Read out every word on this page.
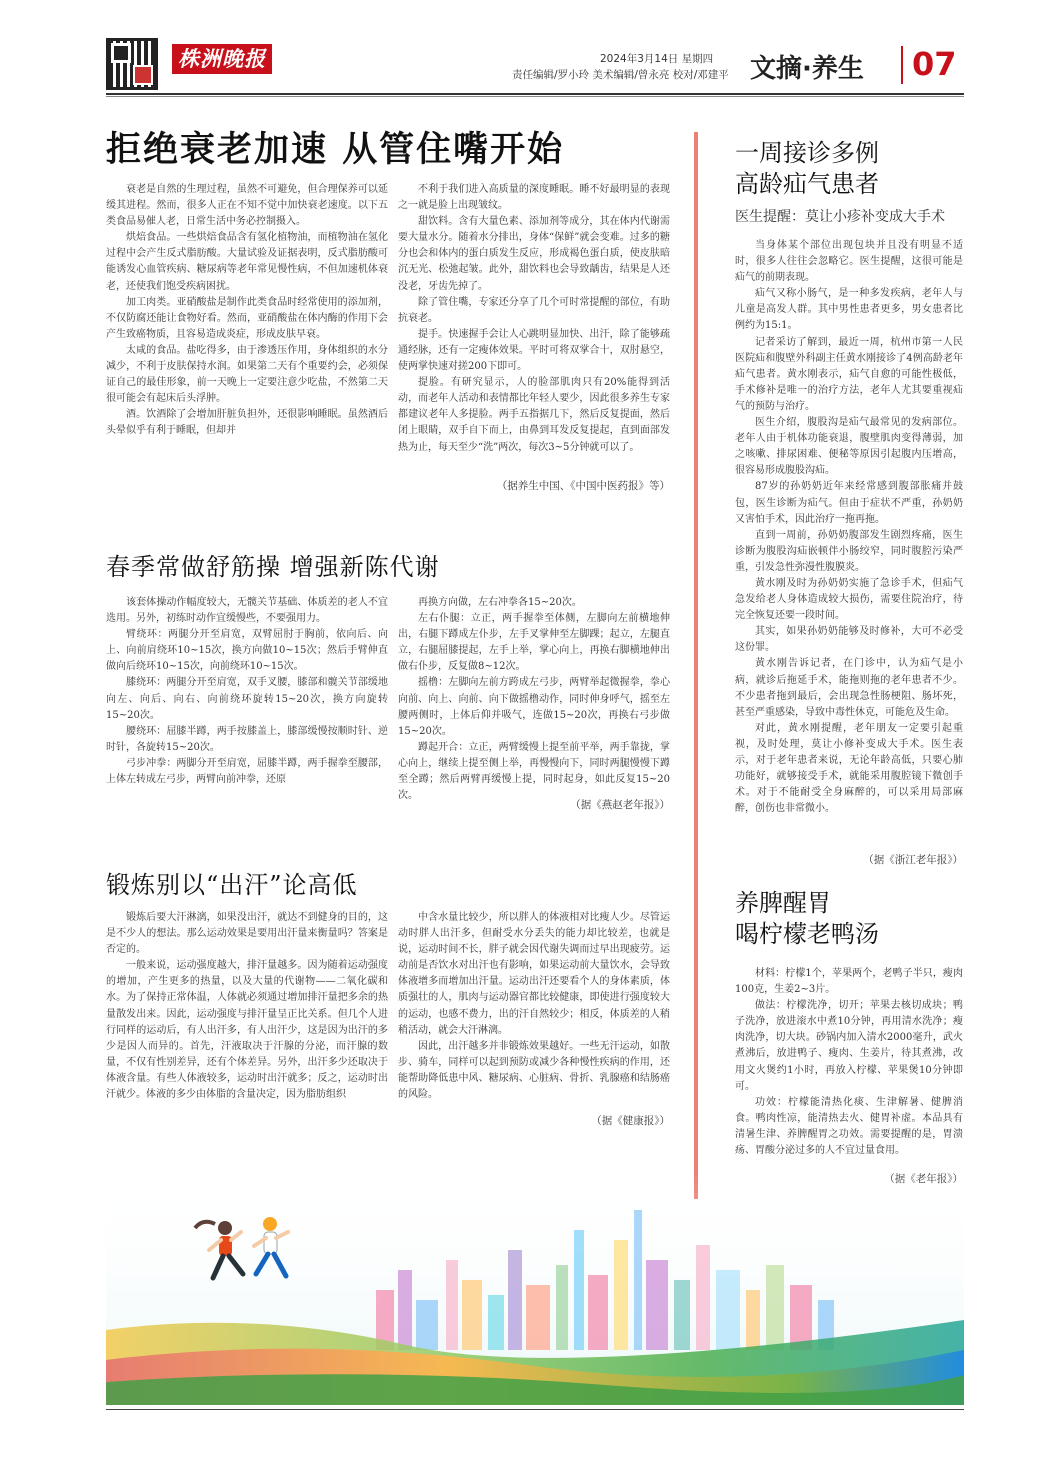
株洲晚报	2024年3月14日 星期四
责任编辑/罗小玲 美术编辑/曾永亮 校对/邓建平 文摘·养生 07
拒绝衰老加速 从管住嘴开始

衰老是自然的生理过程，虽然不可避免，但合理保养可以延缓其进程。然而，很多人正在不知不觉中加快衰老速度。以下五类食品易催人老，日常生活中务必控制摄入。

烘焙食品。一些烘焙食品含有氢化植物油，而植物油在氢化过程中会产生反式脂肪酸。大量试验及证据表明，反式脂肪酸可能诱发心血管疾病、糖尿病等老年常见慢性病，不但加速机体衰老，还使我们饱受疾病困扰。

加工肉类。亚硝酸盐是制作此类食品时经常使用的添加剂，不仅防腐还能让食物好看。然而，亚硝酸盐在体内酶的作用下会产生致癌物质，且容易造成炎症，形成皮肤早衰。

太咸的食品。盐吃得多，由于渗透压作用，身体组织的水分减少，不利于皮肤保持水润。如果第二天有个重要约会，必须保证自己的最佳形象，前一天晚上一定要注意少吃盐，不然第二天很可能会有起床后头浮肿。

酒。饮酒除了会增加肝脏负担外，还很影响睡眠。虽然酒后头晕似乎有利于睡眠，但却并

不利于我们进入高质量的深度睡眠。睡不好最明显的表现之一就是脸上出现皱纹。

甜饮料。含有大量色素、添加剂等成分，其在体内代谢需要大量水分。随着水分排出，身体“保鲜”就会变难。过多的糖分也会和体内的蛋白质发生反应，形成褐色蛋白质，使皮肤暗沉无光、松弛起皱。此外，甜饮料也会导致龋齿，结果是人还没老，牙齿先掉了。

除了管住嘴，专家还分享了几个可时常提醒的部位，有助抗衰老。

提手。快速握手会让人心跳明显加快、出汗，除了能够疏通经脉，还有一定瘦体效果。平时可将双掌合十，双肘悬空，使两掌快速对搓200下即可。

提脸。有研究显示，人的脸部肌肉只有20%能得到活动，而老年人活动和表情都比年轻人要少，因此很多养生专家都建议老年人多提脸。两手五指据几下，然后反复提面，然后闭上眼睛，双手自下而上，由鼻到耳发反复提起，直到面部发热为止，每天至少“洗”两次，每次3~5分钟就可以了。

（据养生中国、《中国中医药报》等）
春季常做舒筋操 增强新陈代谢

该套体操动作幅度较大，无髋关节基础、体质差的老人不宜选用。另外，初练时动作宜缓慢些，不要强用力。

臂绕环：两腿分开至肩宽，双臂屈肘于胸前，依向后、向上、向前肩绕环10~15次，换方向做10~15次；然后手臂伸直做向后绕环10~15次，向前绕环10~15次。

膝绕环：两腿分开至肩宽，双手叉腰，膝部和髋关节部缓地向左、向后、向右、向前绕环旋转15~20次，换方向旋转15~20次。

腰绕环：屈膝半蹲，两手按膝盖上，膝部缓慢按顺时针、逆时针，各旋转15~20次。

弓步冲拳：两脚分开至肩宽，屈膝半蹲，两手握拳至腰部，上体左转成左弓步，两臂向前冲拳，还原

再换方向做，左右冲拳各15~20次。

左右仆腿：立正，两手握拳至体侧，左脚向左前横地伸出，右腿下蹲成左仆步，左手叉掌伸至左脚踝；起立，左腿直立，右腿屈膝提起，左手上举，掌心向上，再换右脚横地伸出做右仆步，反复做8~12次。

摇橹：左脚向左前方跨成左弓步，两臂举起微握拳，拳心向前、向上、向前、向下做摇橹动作，同时伸身呼气，摇至左腰两侧时，上体后仰并吸气，连做15~20次，再换右弓步做15~20次。

蹲起开合：立正，两臂缓慢上提至前平举，两手靠拢，掌心向上，继续上提至侧上举，再慢慢向下，同时两腿慢慢下蹲至全蹲；然后两臂再缓慢上提，同时起身，如此反复15~20次。

（据《燕赵老年报》）
锻炼别以“出汗”论高低

锻炼后要大汗淋漓，如果没出汗，就达不到健身的目的，这是不少人的想法。那么运动效果是要用出汗量来衡量吗？答案是否定的。

一般来说，运动强度越大，排汗量越多。因为随着运动强度的增加，产生更多的热量，以及大量的代谢物——二氧化碳和水。为了保持正常体温，人体就必须通过增加排汗量把多余的热量散发出来。因此，运动强度与排汗量呈正比关系。但几个人进行同样的运动后，有人出汗多，有人出汗少，这是因为出汗的多少是因人而异的。首先，汗液取决于汗腺的分泌，而汗腺的数量，不仅有性别差异，还有个体差异。另外，出汗多少还取决于体液含量。有些人体液较多，运动时出汗就多；反之，运动时出汗就少。体液的多少由体脂的含量决定，因为脂肪组织

中含水量比较少，所以胖人的体液相对比瘦人少。尽管运动时胖人出汗多，但耐受水分丢失的能力却比较差，也就是说，运动时间不长，胖子就会因代谢失调而过早出现疲劳。运动前是否饮水对出汗也有影响，如果运动前大量饮水，会导致体液增多而增加出汗量。运动出汗还要看个人的身体素质，体质强壮的人，肌肉与运动器官都比较健康，即使进行强度较大的运动，也感不费力，出的汗自然较少；相反，体质差的人稍稍活动，就会大汗淋漓。

因此，出汗越多并非锻炼效果越好。一些无汗运动，如散步、骑车，同样可以起到预防或减少各种慢性疾病的作用，还能帮助降低患中风、糖尿病、心脏病、骨折、乳腺癌和结肠癌的风险。

（据《健康报》）
一周接诊多例
高龄疝气患者
医生提醒：莫让小疹补变成大手术

当身体某个部位出现包块并且没有明显不适时，很多人往往会忽略它。医生提醒，这很可能是疝气的前期表现。

疝气又称小肠气，是一种多发疾病，老年人与儿童是高发人群。其中男性患者更多，男女患者比例约为15:1。

记者采访了解到，最近一周，杭州市第一人民医院疝和腹壁外科副主任黄水刚接诊了4例高龄老年疝气患者。黄水刚表示，疝气自愈的可能性极低，手术修补是唯一的治疗方法，老年人尤其要重视疝气的预防与治疗。

医生介绍，腹股沟是疝气最常见的发病部位。老年人由于机体功能衰退，腹壁肌肉变得薄弱，加之咳嗽、排尿困难、便秘等原因引起腹内压增高，很容易形成腹股沟疝。

87岁的孙奶奶近年来经常感到腹部胀痛并鼓包，医生诊断为疝气。但由于症状不严重，孙奶奶又害怕手术，因此治疗一拖再拖。

直到一周前，孙奶奶腹部发生剧烈疼痛，医生诊断为腹股沟疝嵌顿伴小肠绞窄，同时腹腔污染严重，引发急性弥漫性腹膜炎。

黄水刚及时为孙奶奶实施了急诊手术，但疝气急发给老人身体造成较大损伤，需要住院治疗，待完全恢复还要一段时间。

其实，如果孙奶奶能够及时修补，大可不必受这份罪。

黄水刚告诉记者，在门诊中，认为疝气是小病，就诊后拖延手术，能拖则拖的老年患者不少。不少患者拖到最后，会出现急性肠梗阻、肠坏死，甚至严重感染，导致中毒性休克，可能危及生命。

对此，黄水刚提醒，老年朋友一定要引起重视，及时处理，莫让小修补变成大手术。医生表示，对于老年患者来说，无论年龄高低，只要心肺功能好，就够接受手术，就能采用腹腔镜下微创手术。对于不能耐受全身麻醉的，可以采用局部麻醉，创伤也非常微小。

（据《浙江老年报》）
养脾醒胃
喝柠檬老鸭汤

材料：柠檬1个，苹果两个，老鸭子半只，瘦肉100克，生姜2~3片。

做法：柠檬洗净，切开；苹果去核切成块；鸭子洗净，放进滚水中煮10分钟，再用清水洗净；瘦肉洗净，切大块。砂锅内加入清水2000毫升，武火煮沸后，放进鸭子、瘦肉、生姜片，待其煮沸，改用文火煲约1小时，再放入柠檬、苹果煲10分钟即可。

功效：柠檬能清热化痰、生津解暑、健脾消食。鸭肉性凉，能清热去火、健胃补虚。本品具有清暑生津、养脾醒胃之功效。需要提醒的是，胃溃疡、胃酸分泌过多的人不宜过量食用。
